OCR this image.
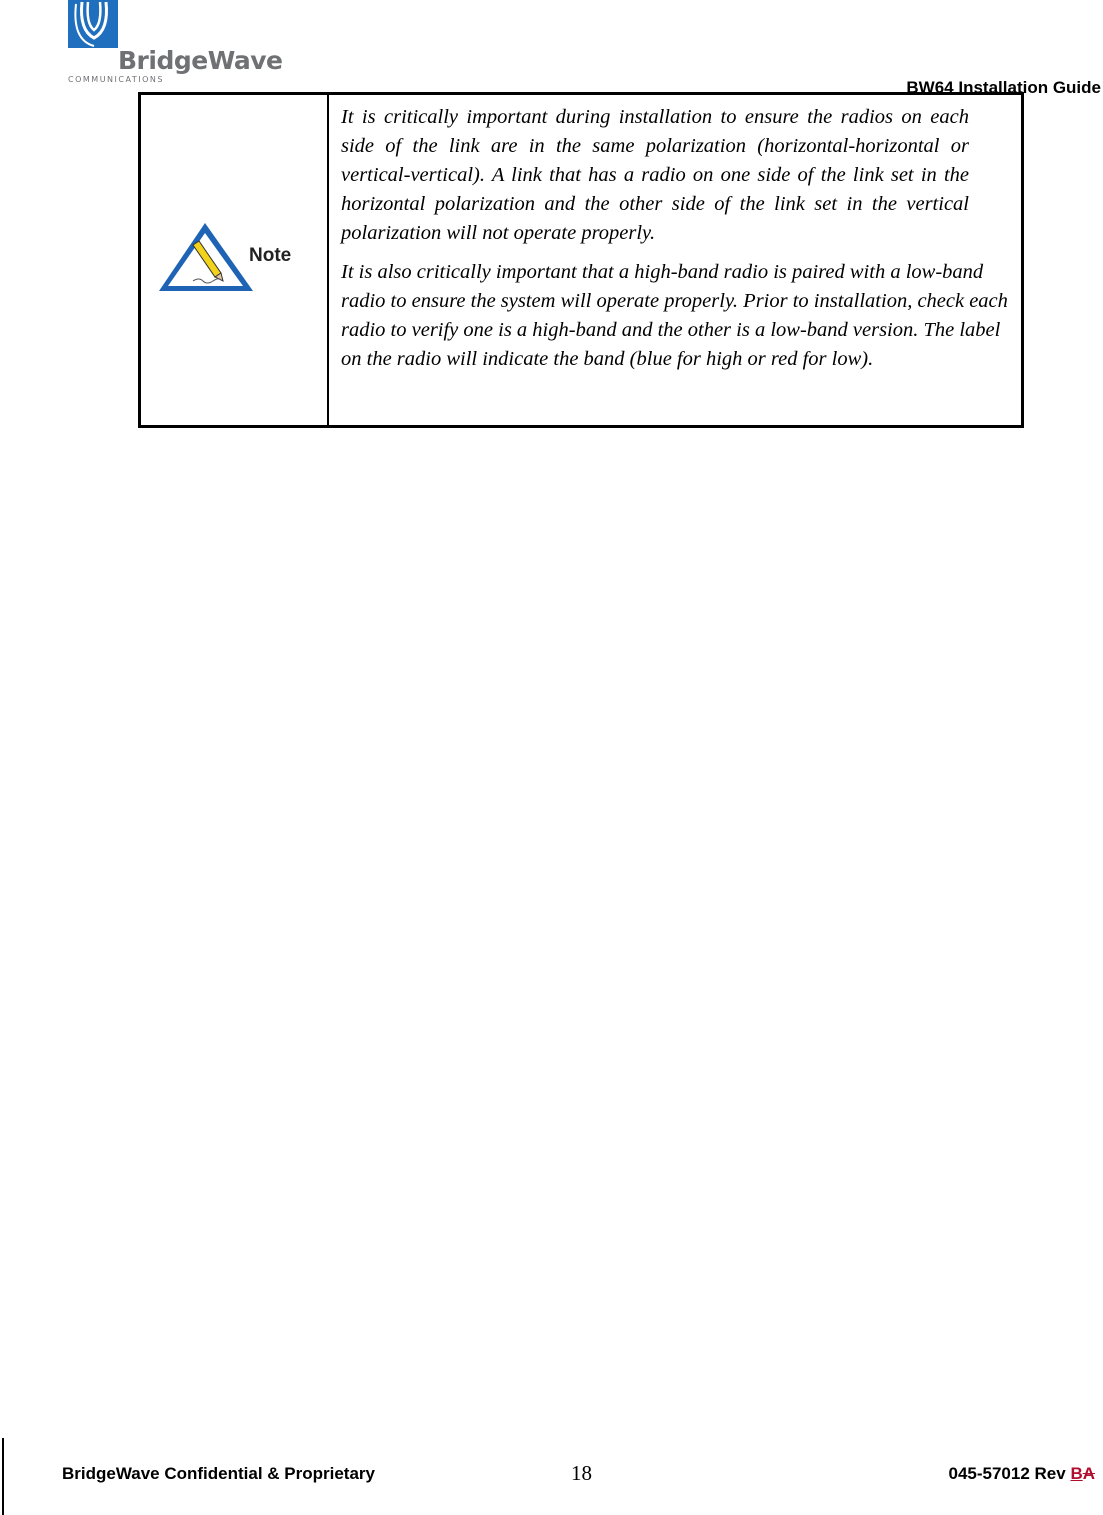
BridgeWave
COMMUNICATIONS	BW64 Installation Guide
Note

It is critically important during installation to ensure the radios on each side of the link are in the same polarization (horizontal-horizontal or vertical-vertical). A link that has a radio on one side of the link set in the horizontal polarization and the other side of the link set in the vertical polarization will not operate properly.

It is also critically important that a high-band radio is paired with a low-band radio to ensure the system will operate properly. Prior to installation, check each radio to verify one is a high-band and the other is a low-band version. The label on the radio will indicate the band (blue for high or red for low).

BridgeWave Confidential & Proprietary	18	045-57012 Rev BA
